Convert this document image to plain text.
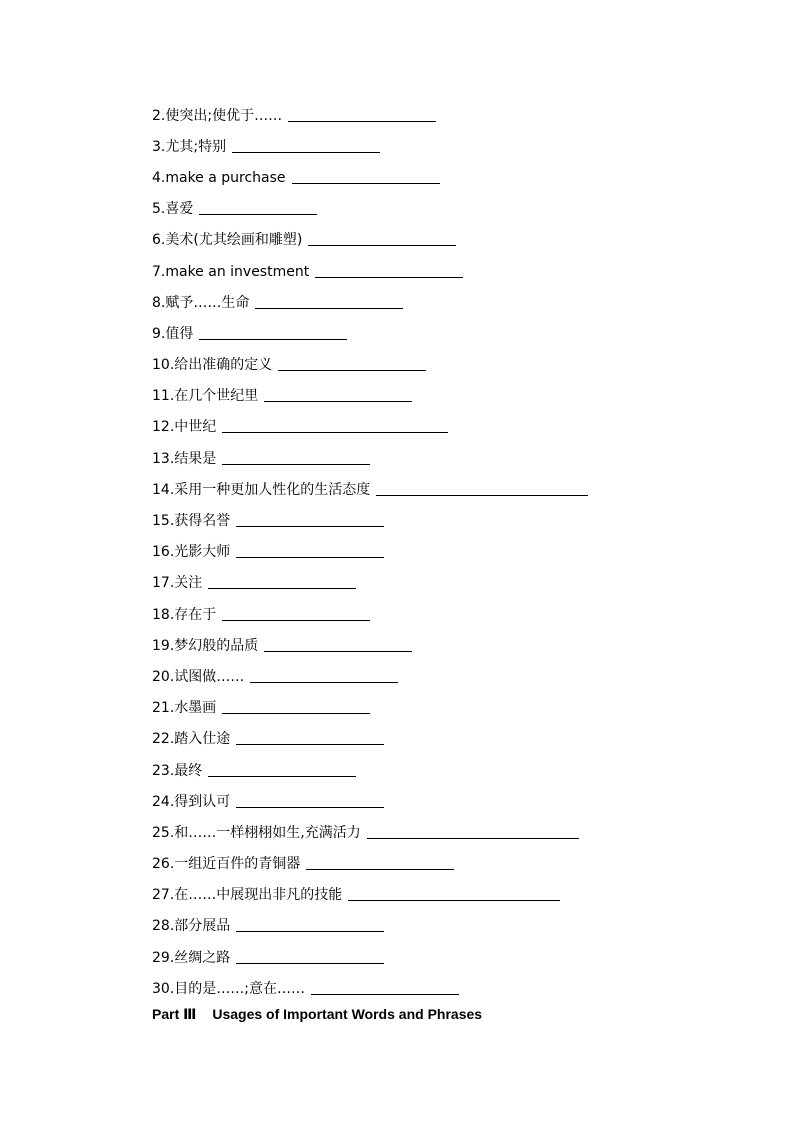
2. 使突出;使优于……
3. 尤其;特别
4. make a purchase
5. 喜爱
6. 美术(尤其绘画和雕塑)
7. make an investment
8. 赋予……生命
9. 值得
10. 给出准确的定义
11. 在几个世纪里
12. 中世纪
13. 结果是
14. 采用一种更加人性化的生活态度
15. 获得名誉
16. 光影大师
17. 关注
18. 存在于
19. 梦幻般的品质
20. 试图做……
21. 水墨画
22. 踏入仕途
23. 最终
24. 得到认可
25. 和……一样栩栩如生,充满活力
26. 一组近百件的青铜器
27. 在……中展现出非凡的技能
28. 部分展品
29. 丝绸之路
30. 目的是……;意在……
Part Ⅲ Usages of Important Words and Phrases
